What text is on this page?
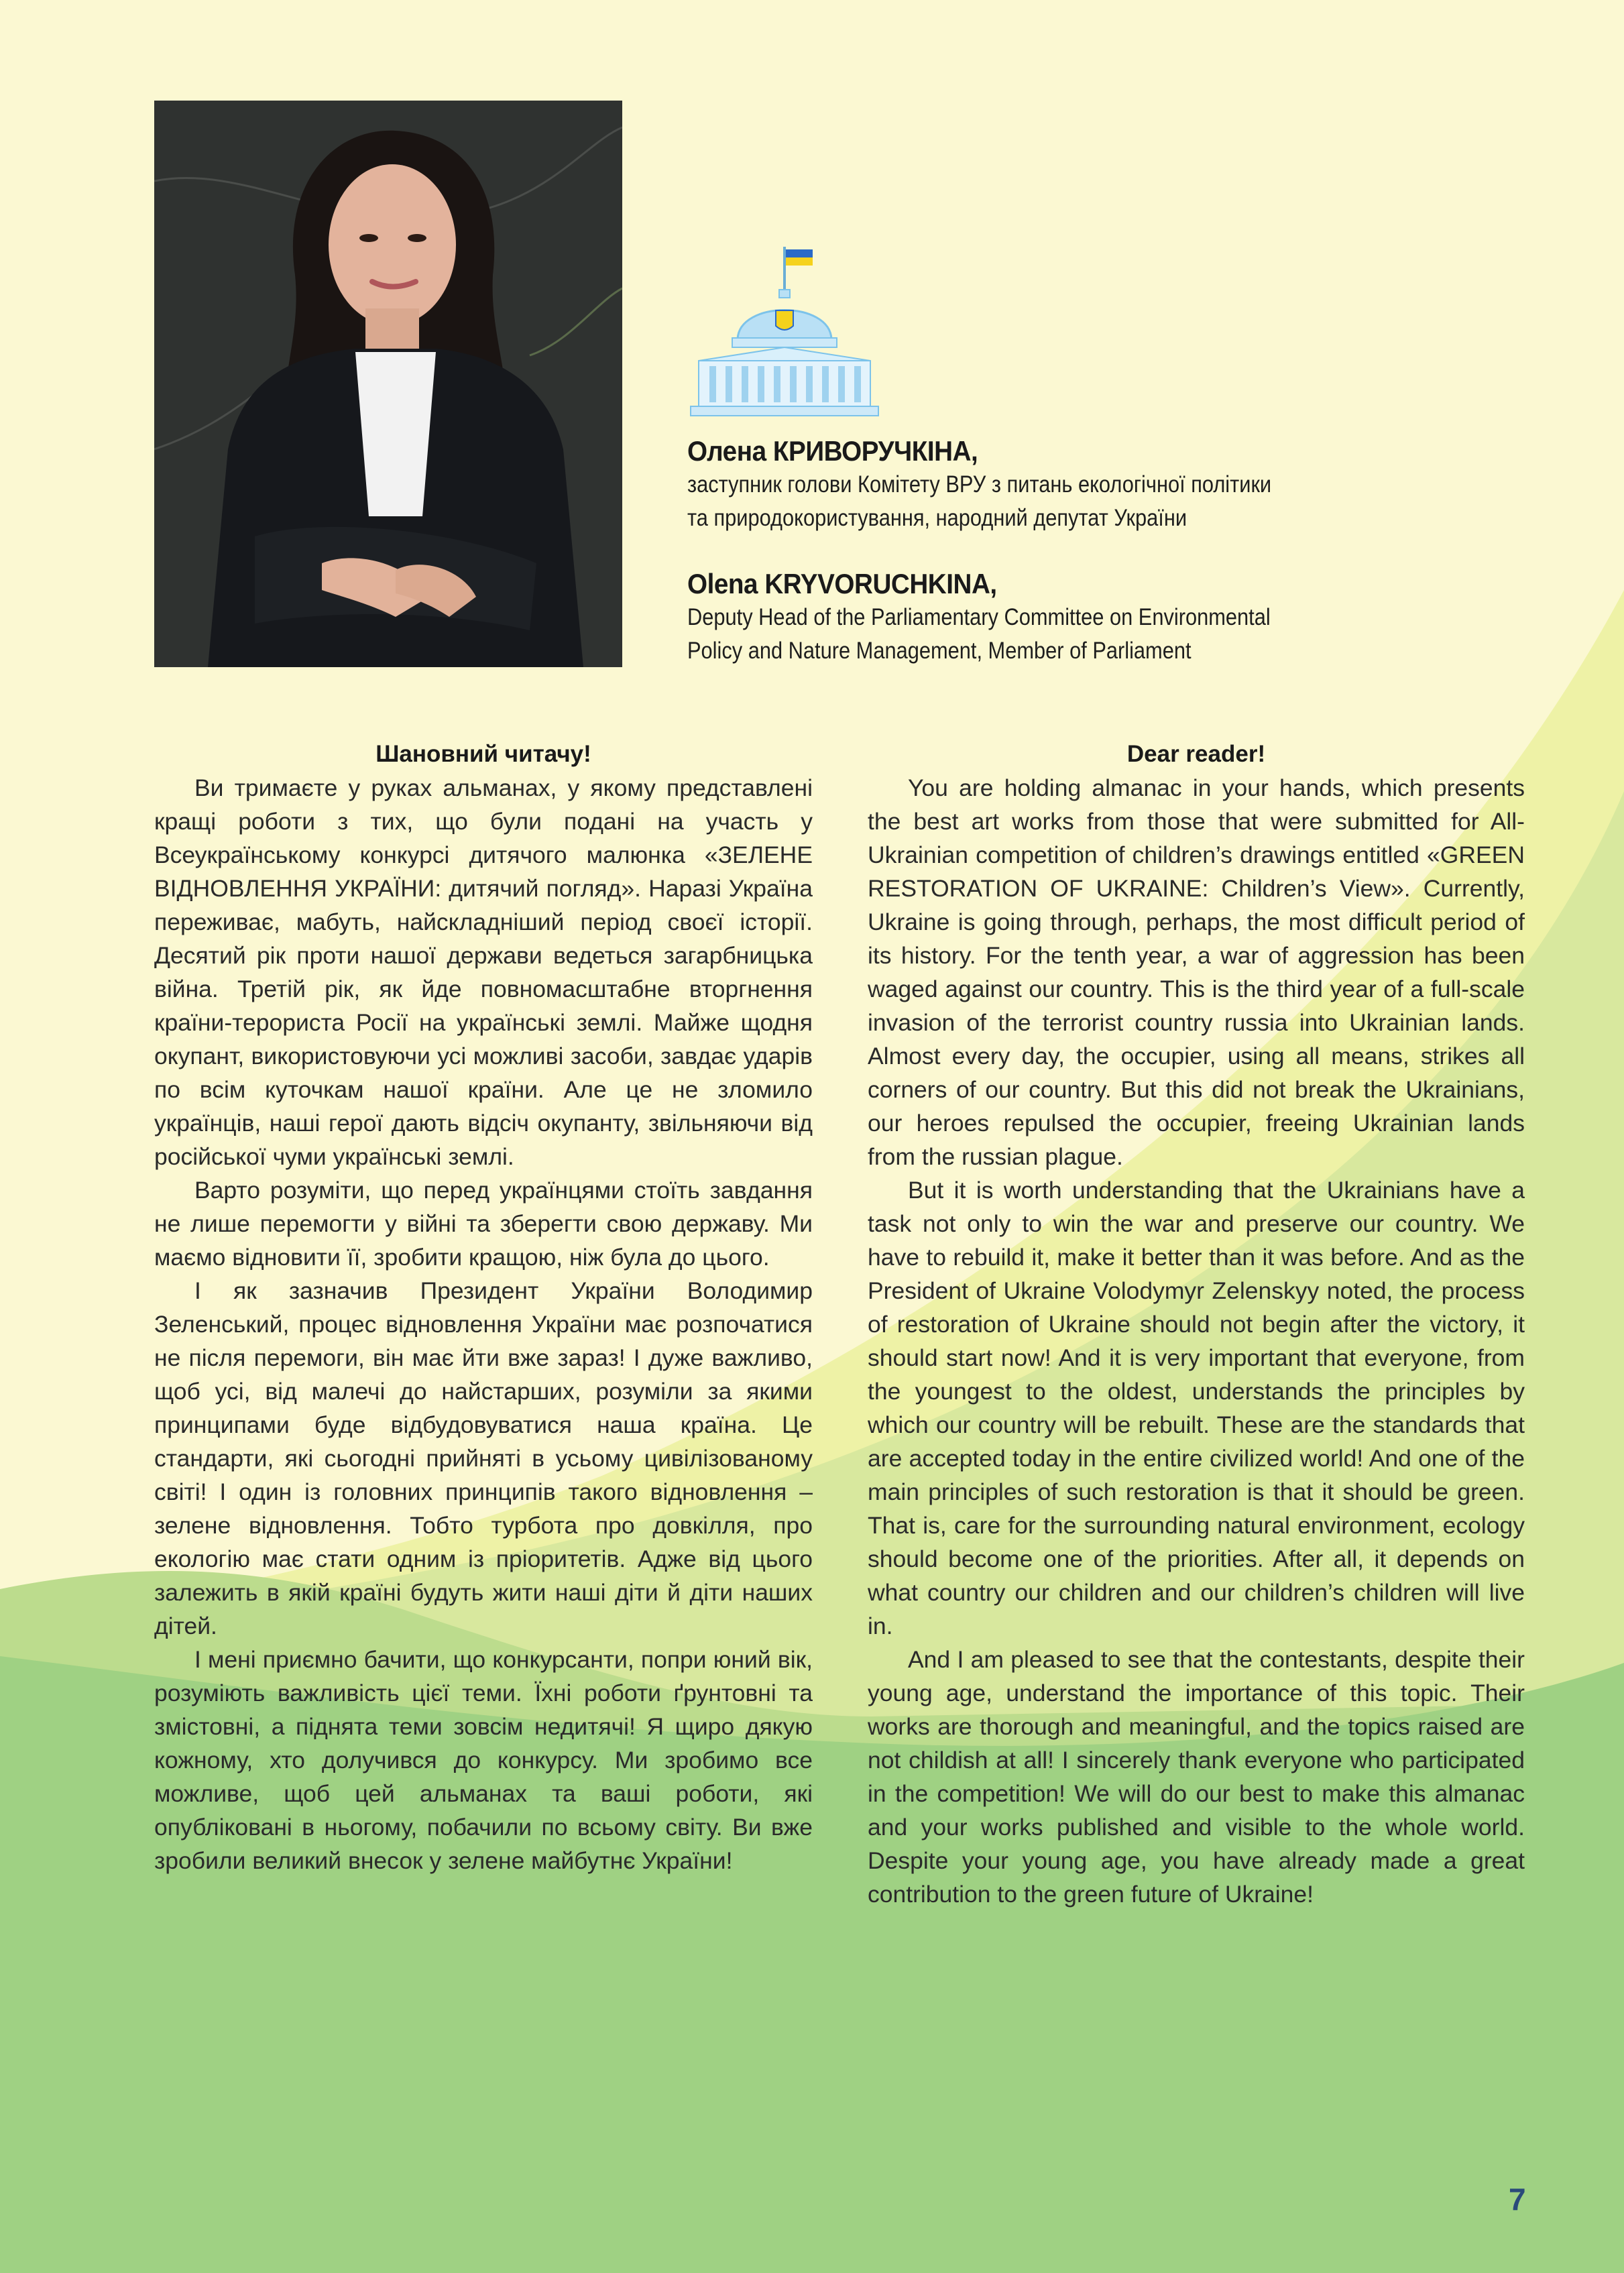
Олена КРИВОРУЧКІНА,
заступник голови Комітету ВРУ з питань екологічної політики
та природокористування, народний депутат України
Olena KRYVORUCHKINA,
Deputy Head of the Parliamentary Committee on Environmental
Policy and Nature Management, Member of Parliament
Шановний читачу!

Ви тримаєте у руках альманах, у якому представлені кращі роботи з тих, що були подані на участь у Всеукраїнському конкурсі дитячого малюнка «ЗЕЛЕНЕ ВІДНОВЛЕННЯ УКРАЇНИ: дитячий погляд». Наразі Україна переживає, мабуть, найскладніший період своєї історії. Десятий рік проти нашої держави ведеться загарбницька війна. Третій рік, як йде повномасштабне вторгнення країни-терориста Росії на українські землі. Майже щодня окупант, використовуючи усі можливі засоби, завдає ударів по всім куточкам нашої країни. Але це не зломило українців, наші герої дають відсіч окупанту, звільняючи від російської чуми українські землі.

Варто розуміти, що перед українцями стоїть завдання не лише перемогти у війні та зберегти свою державу. Ми маємо відновити її, зробити кращою, ніж була до цього.

І як зазначив Президент України Володимир Зеленський, процес відновлення України має розпочатися не після перемоги, він має йти вже зараз! І дуже важливо, щоб усі, від малечі до найстарших, розуміли за якими принципами буде відбудовуватися наша країна. Це стандарти, які сьогодні прийняті в усьому цивілізованому світі! І один із головних принципів такого відновлення – зелене відновлення. Тобто турбота про довкілля, про екологію має стати одним із пріоритетів. Адже від цього залежить в якій країні будуть жити наші діти й діти наших дітей.

І мені приємно бачити, що конкурсанти, попри юний вік, розуміють важливість цієї теми. Їхні роботи ґрунтовні та змістовні, а піднята теми зовсім недитячі! Я щиро дякую кожному, хто долучився до конкурсу. Ми зробимо все можливе, щоб цей альманах та ваші роботи, які опубліковані в ньогому, побачили по всьому світу. Ви вже зробили великий внесок у зелене майбутнє України!

Dear reader!

You are holding almanac in your hands, which presents the best art works from those that were submitted for All-Ukrainian competition of children’s drawings entitled «GREEN RESTORATION OF UKRAINE: Children’s View». Currently, Ukraine is going through, perhaps, the most difficult period of its history. For the tenth year, a war of aggression has been waged against our country. This is the third year of a full-scale invasion of the terrorist country russia into Ukrainian lands. Almost every day, the occupier, using all means, strikes all corners of our country. But this did not break the Ukrainians, our heroes repulsed the occupier, freeing Ukrainian lands from the russian plague.

But it is worth understanding that the Ukrainians have a task not only to win the war and preserve our country. We have to rebuild it, make it better than it was before. And as the President of Ukraine Volodymyr Zelenskyy noted, the process of restoration of Ukraine should not begin after the victory, it should start now! And it is very important that everyone, from the youngest to the oldest, understands the principles by which our country will be rebuilt. These are the standards that are accepted today in the entire civilized world! And one of the main principles of such restoration is that it should be green. That is, care for the surrounding natural environment, ecology should become one of the priorities. After all, it depends on what country our children and our children’s children will live in.

And I am pleased to see that the contestants, despite their young age, understand the importance of this topic. Their works are thorough and meaningful, and the topics raised are not childish at all! I sincerely thank everyone who participated in the competition! We will do our best to make this almanac and your works published and visible to the whole world. Despite your young age, you have already made a great contribution to the green future of Ukraine!

7
